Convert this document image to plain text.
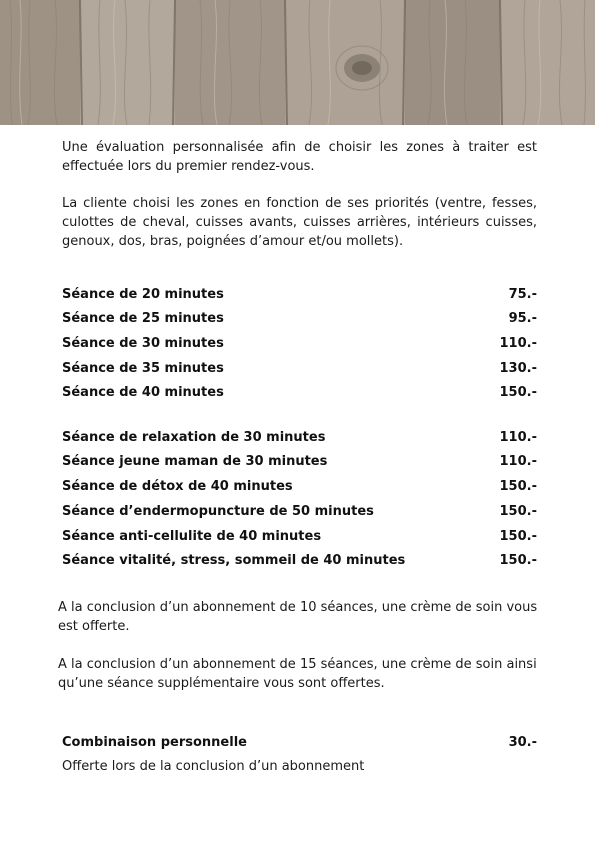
Une évaluation personnalisée afin de choisir les zones à traiter est effectuée lors du premier rendez-vous.

La cliente choisi les zones en fonction de ses priorités (ventre, fesses, culottes de cheval, cuisses avants, cuisses arrières, intérieurs cuisses, genoux, dos, bras, poignées d’amour et/ou mollets).

Séance de 20 minutes	75.-
Séance de 25 minutes	95.-
Séance de 30 minutes	110.-
Séance de 35 minutes	130.-
Séance de 40 minutes	150.-
Séance de relaxation de 30 minutes	110.-
Séance jeune maman de 30 minutes	110.-
Séance de détox de 40 minutes	150.-
Séance d’endermopuncture de 50 minutes	150.-
Séance anti-cellulite de 40 minutes	150.-
Séance vitalité, stress, sommeil de 40 minutes	150.-

A la conclusion d’un abonnement de 10 séances, une crème de soin vous est offerte.

A la conclusion d’un abonnement de 15 séances, une crème de soin ainsi qu’une séance supplémentaire vous sont offertes.

Combinaison personnelle	30.-

Offerte lors de la conclusion d’un abonnement
